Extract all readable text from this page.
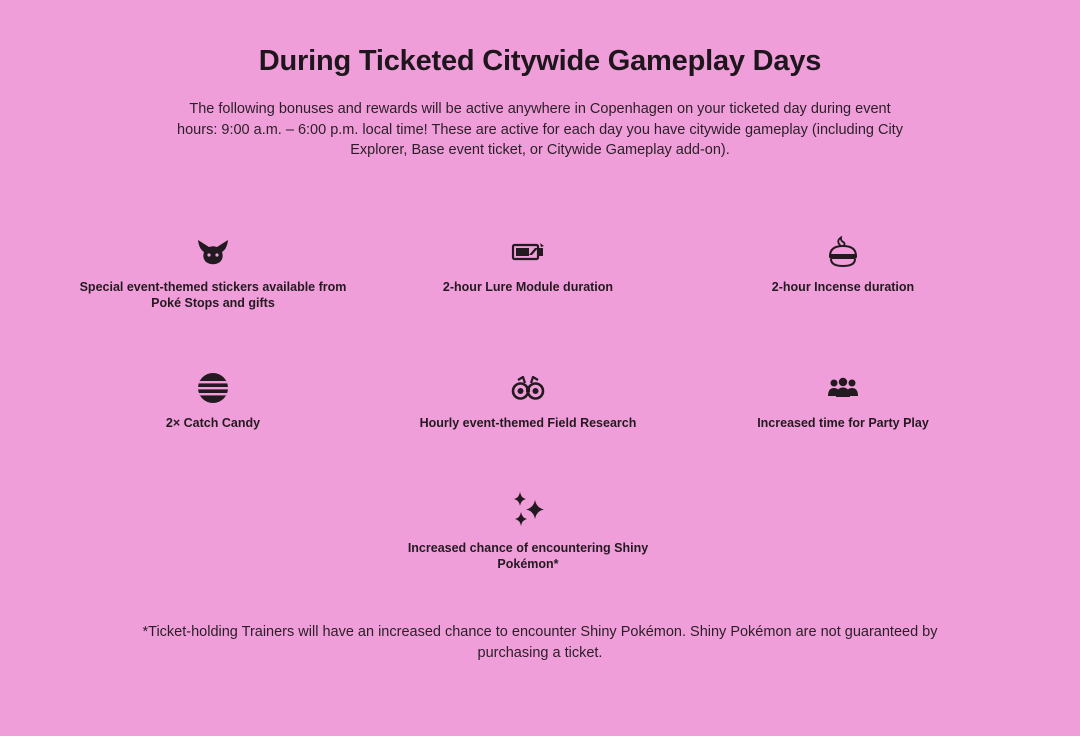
During Ticketed Citywide Gameplay Days

The following bonuses and rewards will be active anywhere in Copenhagen on your ticketed day during event hours: 9:00 a.m. – 6:00 p.m. local time! These are active for each day you have citywide gameplay (including City Explorer, Base event ticket, or Citywide Gameplay add-on).

Special event-themed stickers available from Poké Stops and gifts
2-hour Lure Module duration	2-hour Incense duration
2× Catch Candy	Hourly event-themed Field Research	Increased time for Party Play
Increased chance of encountering Shiny Pokémon*

*Ticket-holding Trainers will have an increased chance to encounter Shiny Pokémon. Shiny Pokémon are not guaranteed by purchasing a ticket.
